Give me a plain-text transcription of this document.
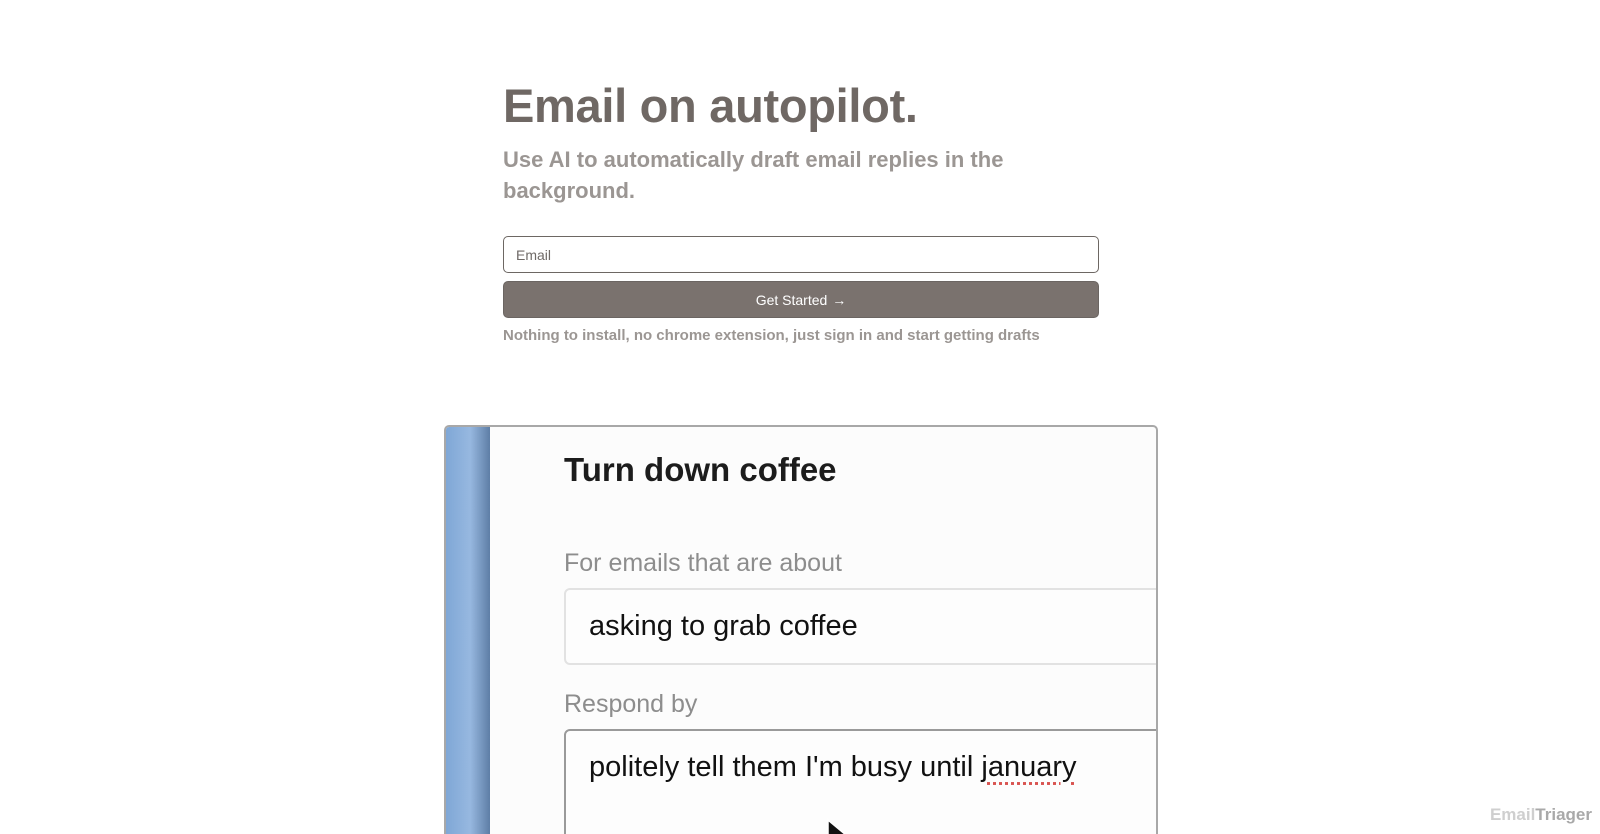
Email on autopilot.

Use AI to automatically draft email replies in the background.

Email
Get Started →
Nothing to install, no chrome extension, just sign in and start getting drafts
Turn down coffee
For emails that are about
asking to grab coffee
Respond by
politely tell them I'm busy until january
EmailTriager
